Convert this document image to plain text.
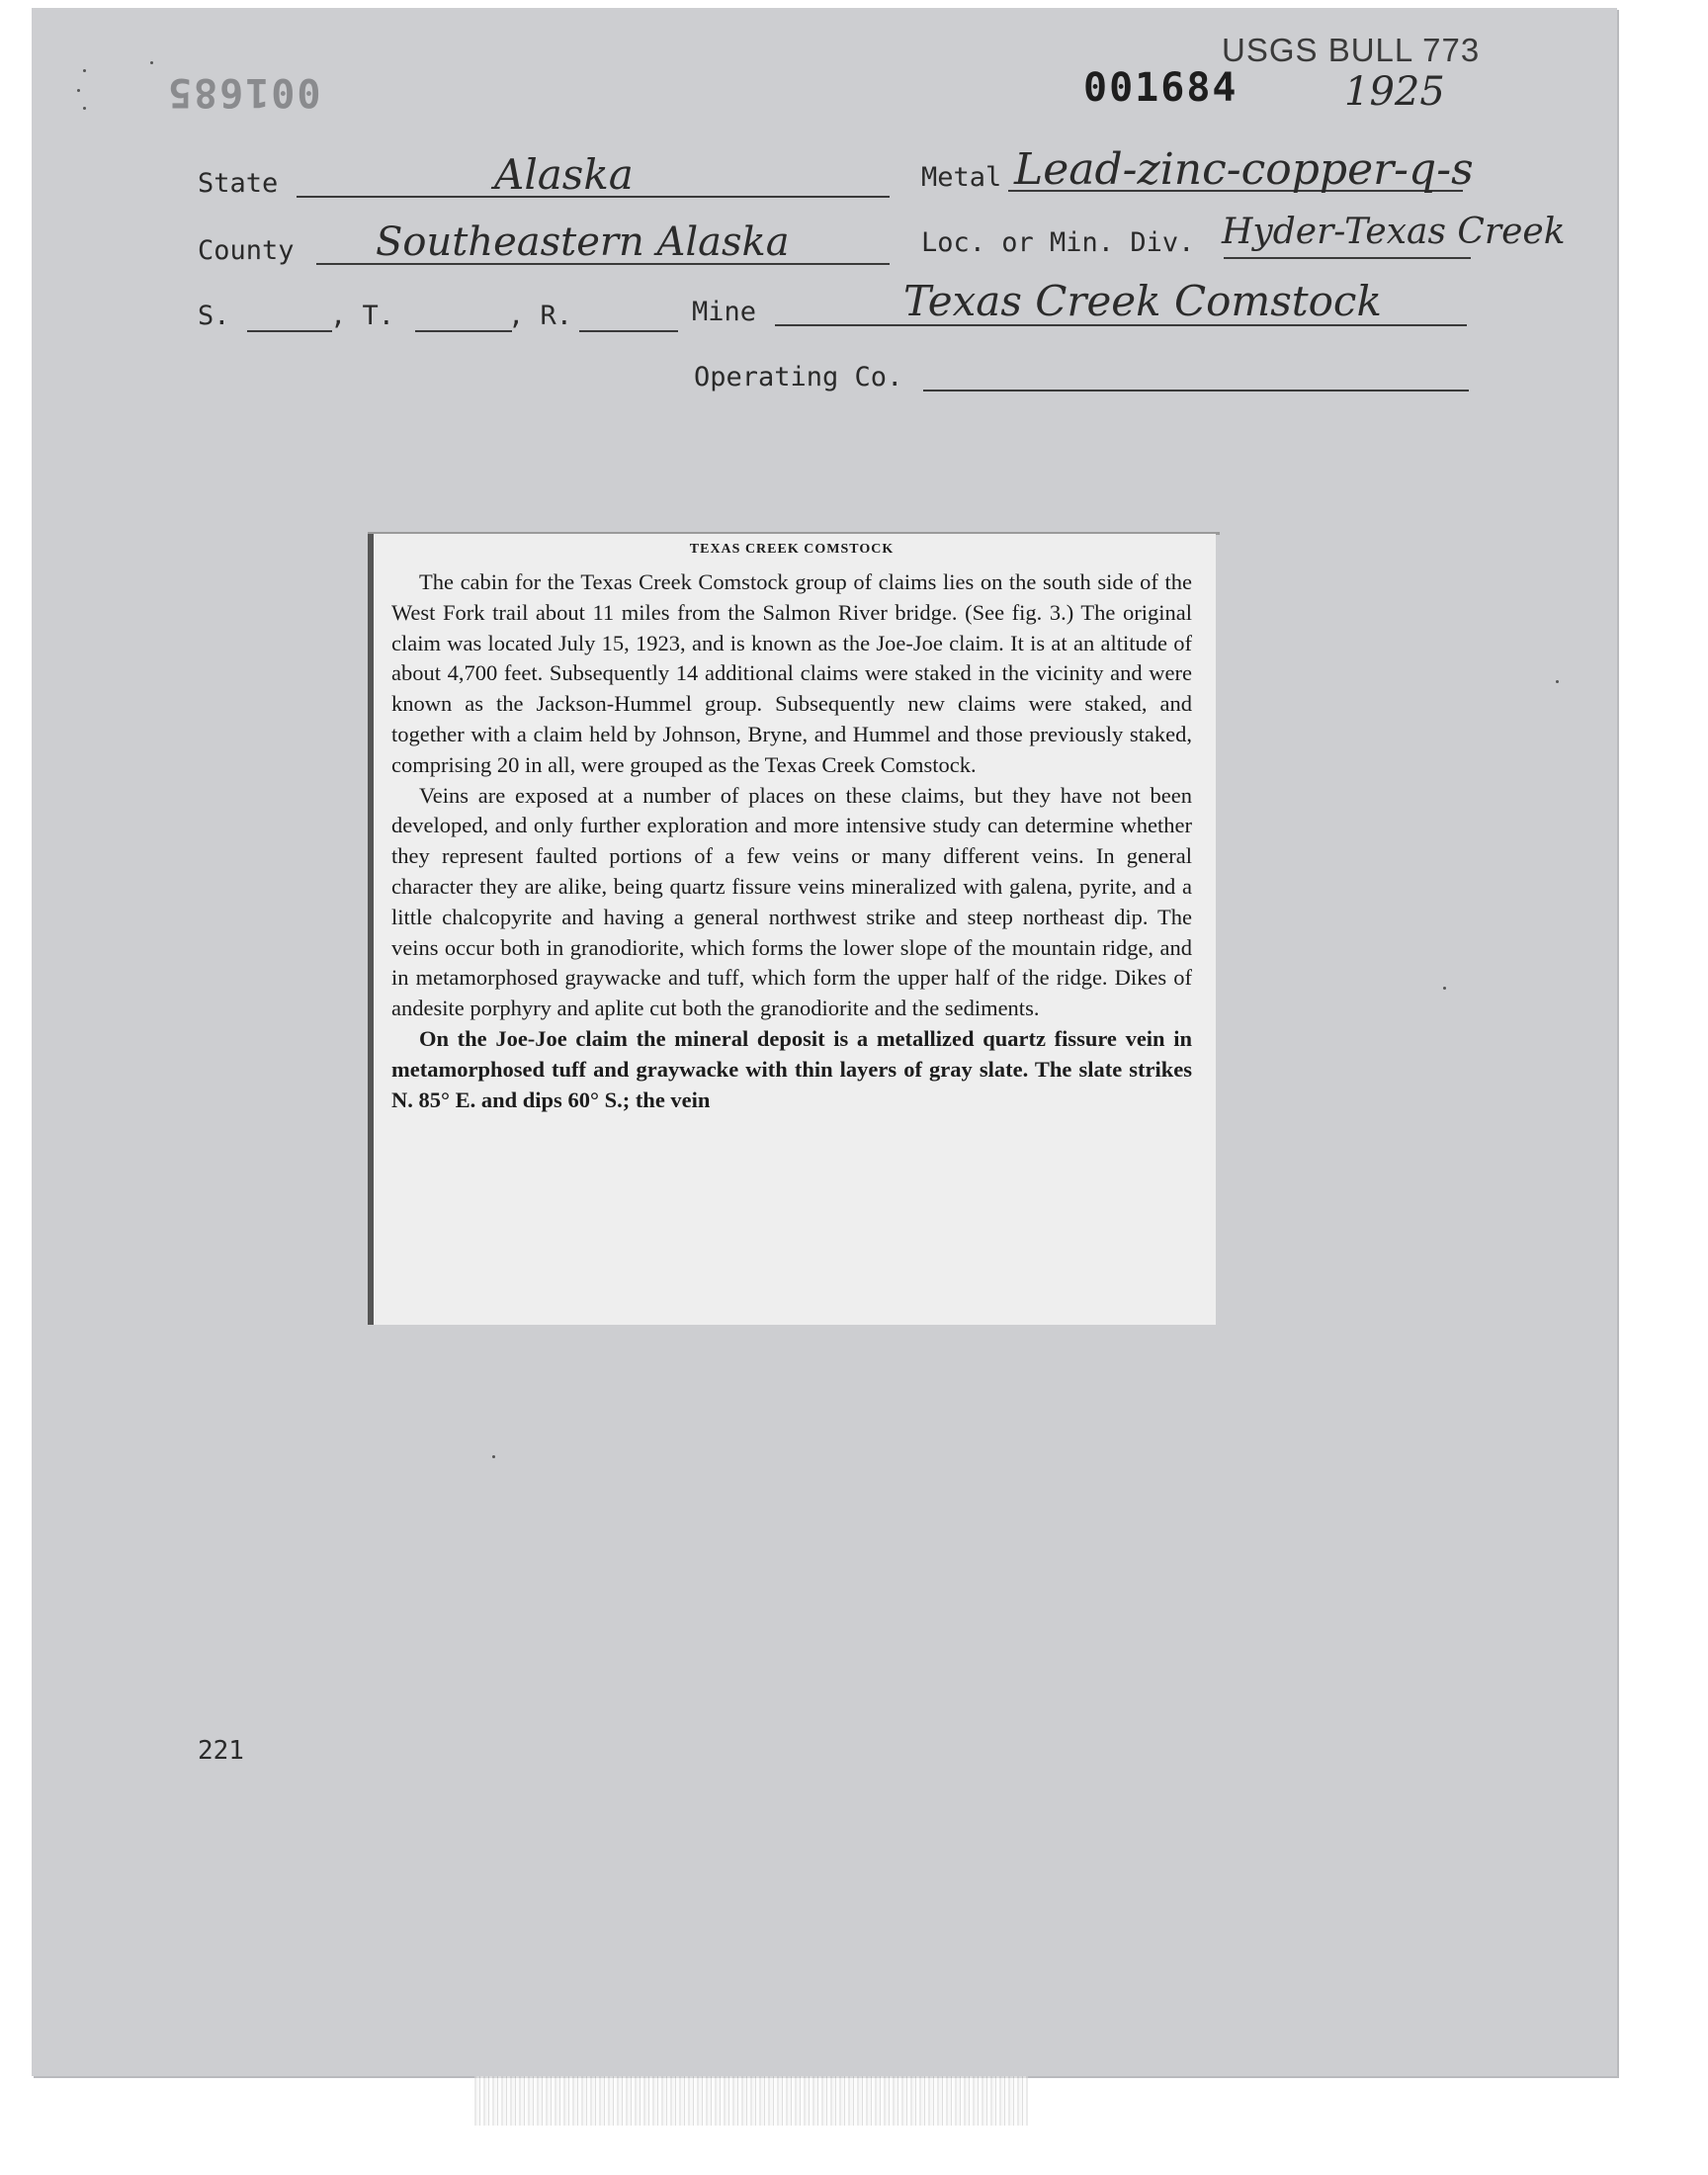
001685	001684
USGS BULL 773
1925
State	Alaska	Metal Lead-zinc-copper-q-s
County Southeastern Alaska	Loc. or Min. Div. Hyder-Texas Creek
S.	, T.	, R.	Mine	Texas Creek Comstock
Operating Co.
TEXAS CREEK COMSTOCK

The cabin for the Texas Creek Comstock group of claims lies on the south side of the West Fork trail about 11 miles from the Salmon River bridge. (See fig. 3.) The original claim was located July 15, 1923, and is known as the Joe-Joe claim. It is at an altitude of about 4,700 feet. Subsequently 14 additional claims were staked in the vicinity and were known as the Jackson-Hummel group. Subsequently new claims were staked, and together with a claim held by Johnson, Bryne, and Hummel and those previously staked, comprising 20 in all, were grouped as the Texas Creek Comstock.

Veins are exposed at a number of places on these claims, but they have not been developed, and only further exploration and more intensive study can determine whether they represent faulted portions of a few veins or many different veins. In general character they are alike, being quartz fissure veins mineralized with galena, pyrite, and a little chalcopyrite and having a general northwest strike and steep northeast dip. The veins occur both in granodiorite, which forms the lower slope of the mountain ridge, and in metamorphosed graywacke and tuff, which form the upper half of the ridge. Dikes of andesite porphyry and aplite cut both the granodiorite and the sediments.

On the Joe-Joe claim the mineral deposit is a metallized quartz fissure vein in metamorphosed tuff and graywacke with thin layers of gray slate. The slate strikes N. 85° E. and dips 60° S.; the vein

221
